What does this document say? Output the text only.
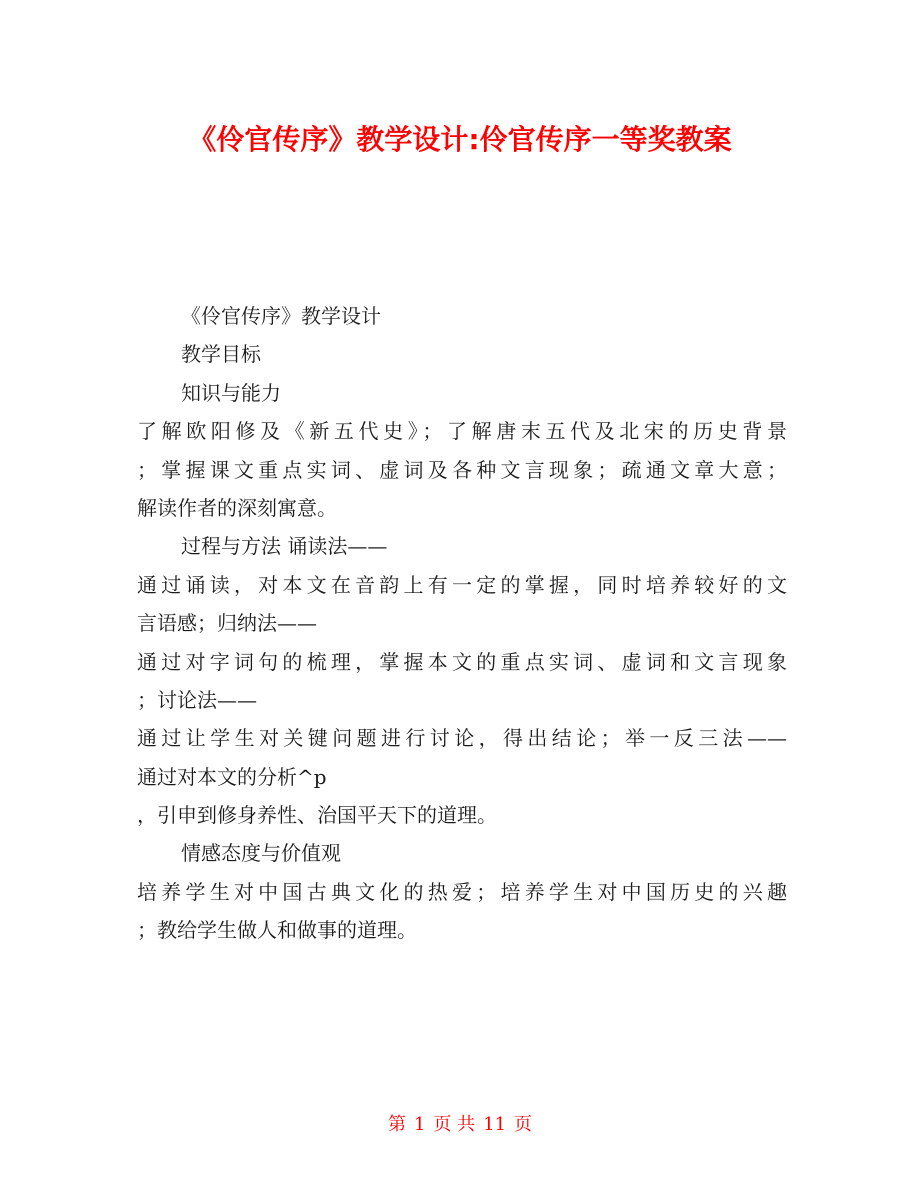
《伶官传序》教学设计:伶官传序一等奖教案
《伶官传序》教学设计
教学目标
知识与能力
了解欧阳修及《新五代史》；了解唐末五代及北宋的历史背景
；掌握课文重点实词、虚词及各种文言现象；疏通文章大意；
解读作者的深刻寓意。
过程与方法 诵读法——
通过诵读，对本文在音韵上有一定的掌握，同时培养较好的文
言语感；归纳法——
通过对字词句的梳理，掌握本文的重点实词、虚词和文言现象
；讨论法——
通过让学生对关键问题进行讨论，得出结论；举一反三法——
通过对本文的分析^p
，引申到修身养性、治国平天下的道理。
情感态度与价值观
培养学生对中国古典文化的热爱；培养学生对中国历史的兴趣
；教给学生做人和做事的道理。
第 1 页 共 11 页
